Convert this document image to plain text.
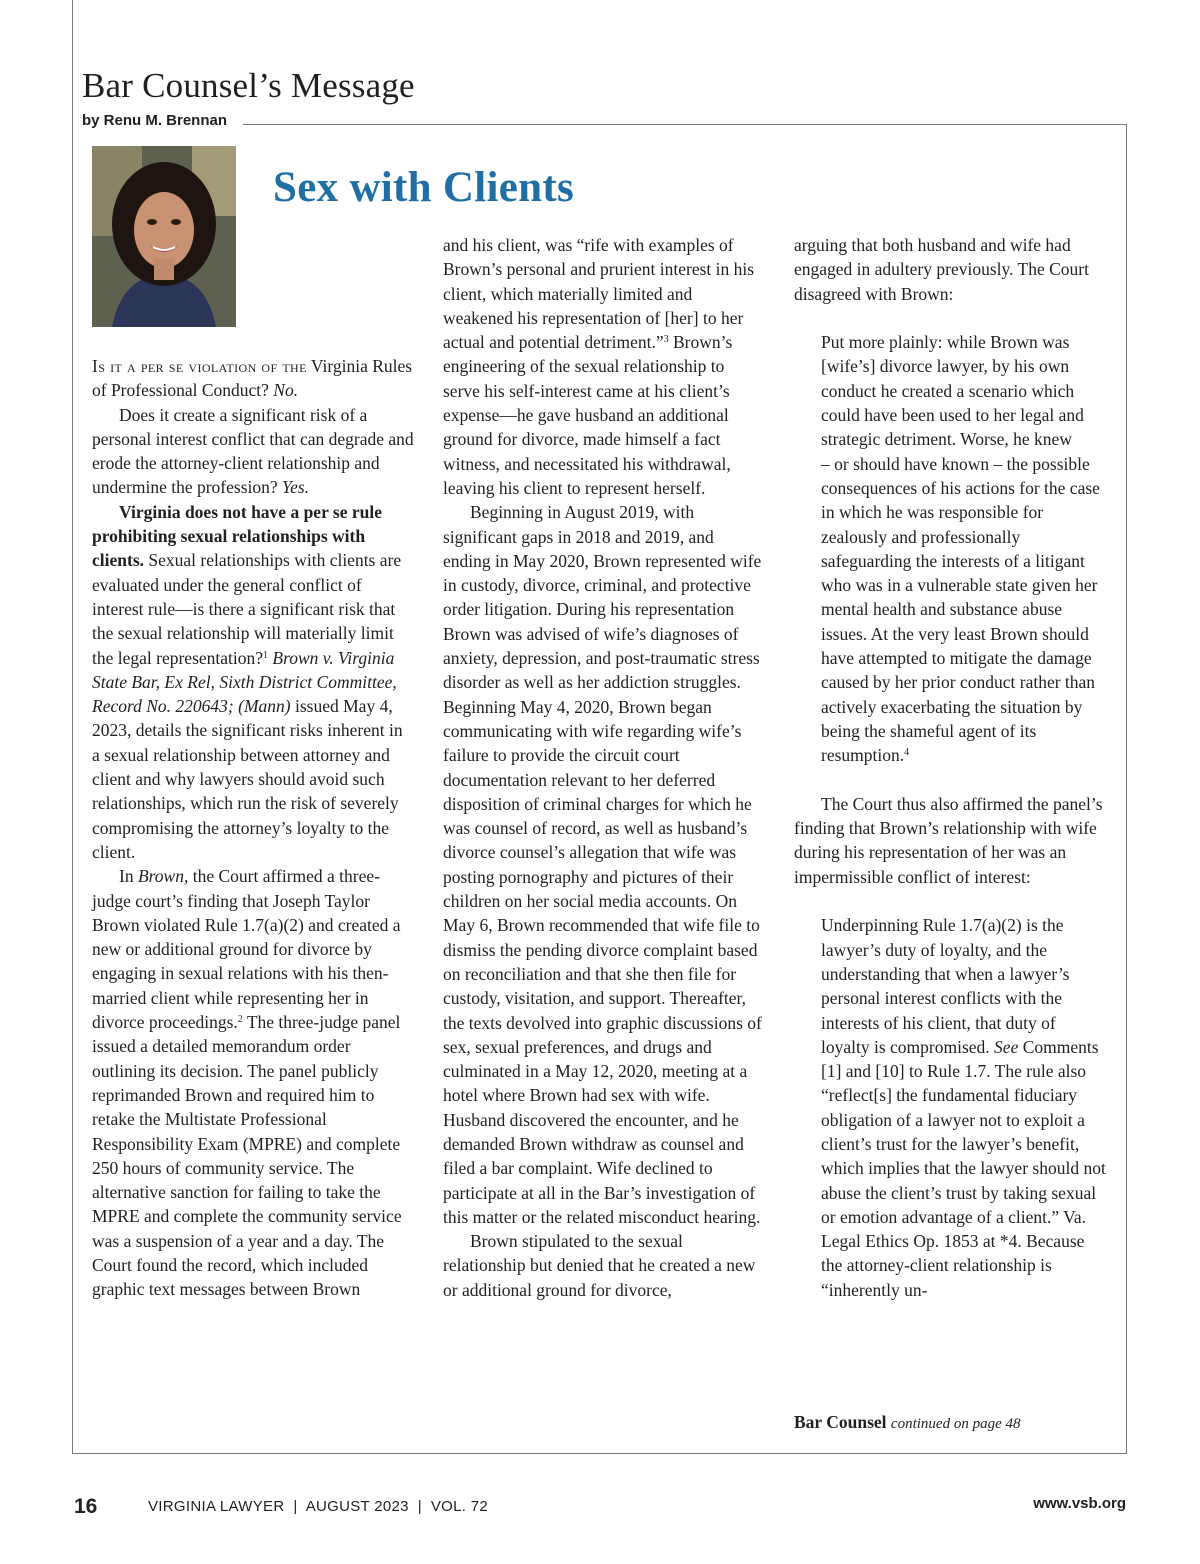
Bar Counsel’s Message
by Renu M. Brennan
Sex with Clients

Is it a per se violation of the Virginia Rules of Professional Conduct? No.

Does it create a significant risk of a personal interest conflict that can degrade and erode the attorney-client relationship and undermine the profession? Yes.

Virginia does not have a per se rule prohibiting sexual relationships with clients. Sexual relationships with clients are evaluated under the general conflict of interest rule—is there a significant risk that the sexual relationship will materially limit the legal representation?$^1$ Brown v. Virginia State Bar, Ex Rel, Sixth District Committee, Record No. 220643; (Mann) issued May 4, 2023, details the significant risks inherent in a sexual relationship between attorney and client and why lawyers should avoid such relationships, which run the risk of severely compromising the attorney’s loyalty to the client.

In Brown, the Court affirmed a three-judge court’s finding that Joseph Taylor Brown violated Rule 1.7(a)(2) and created a new or additional ground for divorce by engaging in sexual relations with his then-married client while representing her in divorce proceedings.$^2$ The three-judge panel issued a detailed memorandum order outlining its decision. The panel publicly reprimanded Brown and required him to retake the Multistate Professional Responsibility Exam (MPRE) and complete 250 hours of community service. The alternative sanction for failing to take the MPRE and complete the community service was a suspension of a year and a day. The Court found the record, which included graphic text messages between Brown

and his client, was “rife with examples of Brown’s personal and prurient interest in his client, which materially limited and weakened his representation of [her] to her actual and potential detriment.”$^3$ Brown’s engineering of the sexual relationship to serve his self-interest came at his client’s expense—he gave husband an additional ground for divorce, made himself a fact witness, and necessitated his withdrawal, leaving his client to represent herself.

Beginning in August 2019, with significant gaps in 2018 and 2019, and ending in May 2020, Brown represented wife in custody, divorce, criminal, and protective order litigation. During his representation Brown was advised of wife’s diagnoses of anxiety, depression, and post-traumatic stress disorder as well as her addiction struggles. Beginning May 4, 2020, Brown began communicating with wife regarding wife’s failure to provide the circuit court documentation relevant to her deferred disposition of criminal charges for which he was counsel of record, as well as husband’s divorce counsel’s allegation that wife was posting pornography and pictures of their children on her social media accounts. On May 6, Brown recommended that wife file to dismiss the pending divorce complaint based on reconciliation and that she then file for custody, visitation, and support. Thereafter, the texts devolved into graphic discussions of sex, sexual preferences, and drugs and culminated in a May 12, 2020, meeting at a hotel where Brown had sex with wife. Husband discovered the encounter, and he demanded Brown withdraw as counsel and filed a bar complaint. Wife declined to participate at all in the Bar’s investigation of this matter or the related misconduct hearing.

Brown stipulated to the sexual relationship but denied that he created a new or additional ground for divorce,

arguing that both husband and wife had engaged in adultery previously. The Court disagreed with Brown:

Put more plainly: while Brown was [wife’s] divorce lawyer, by his own conduct he created a scenario which could have been used to her legal and strategic detriment. Worse, he knew
– or should have known – the possible consequences of his actions for the case in which he was responsible for zealously and professionally safeguarding the interests of a litigant who was in a vulnerable state given her mental health and substance abuse issues. At the very least Brown should have attempted to mitigate the damage caused by her prior conduct rather than actively exacerbating the situation by being the shameful agent of its resumption.$^4$

The Court thus also affirmed the panel’s finding that Brown’s relationship with wife during his representation of her was an impermissible conflict of interest:

Underpinning Rule 1.7(a)(2) is the lawyer’s duty of loyalty, and the understanding that when a lawyer’s personal interest conflicts with the interests of his client, that duty of loyalty is compromised. See Comments [1] and [10] to Rule 1.7. The rule also “reflect[s] the fundamental fiduciary obligation of a lawyer not to exploit a client’s trust for the lawyer’s benefit, which implies that the lawyer should not abuse the client’s trust by taking sexual or emotion advantage of a client.” Va. Legal Ethics Op. 1853 at *4. Because the attorney-client relationship is “inherently un-

Bar Counsel continued on page 48
16	VIRGINIA LAWYER  |  AUGUST 2023  |  VOL. 72	www.vsb.org
